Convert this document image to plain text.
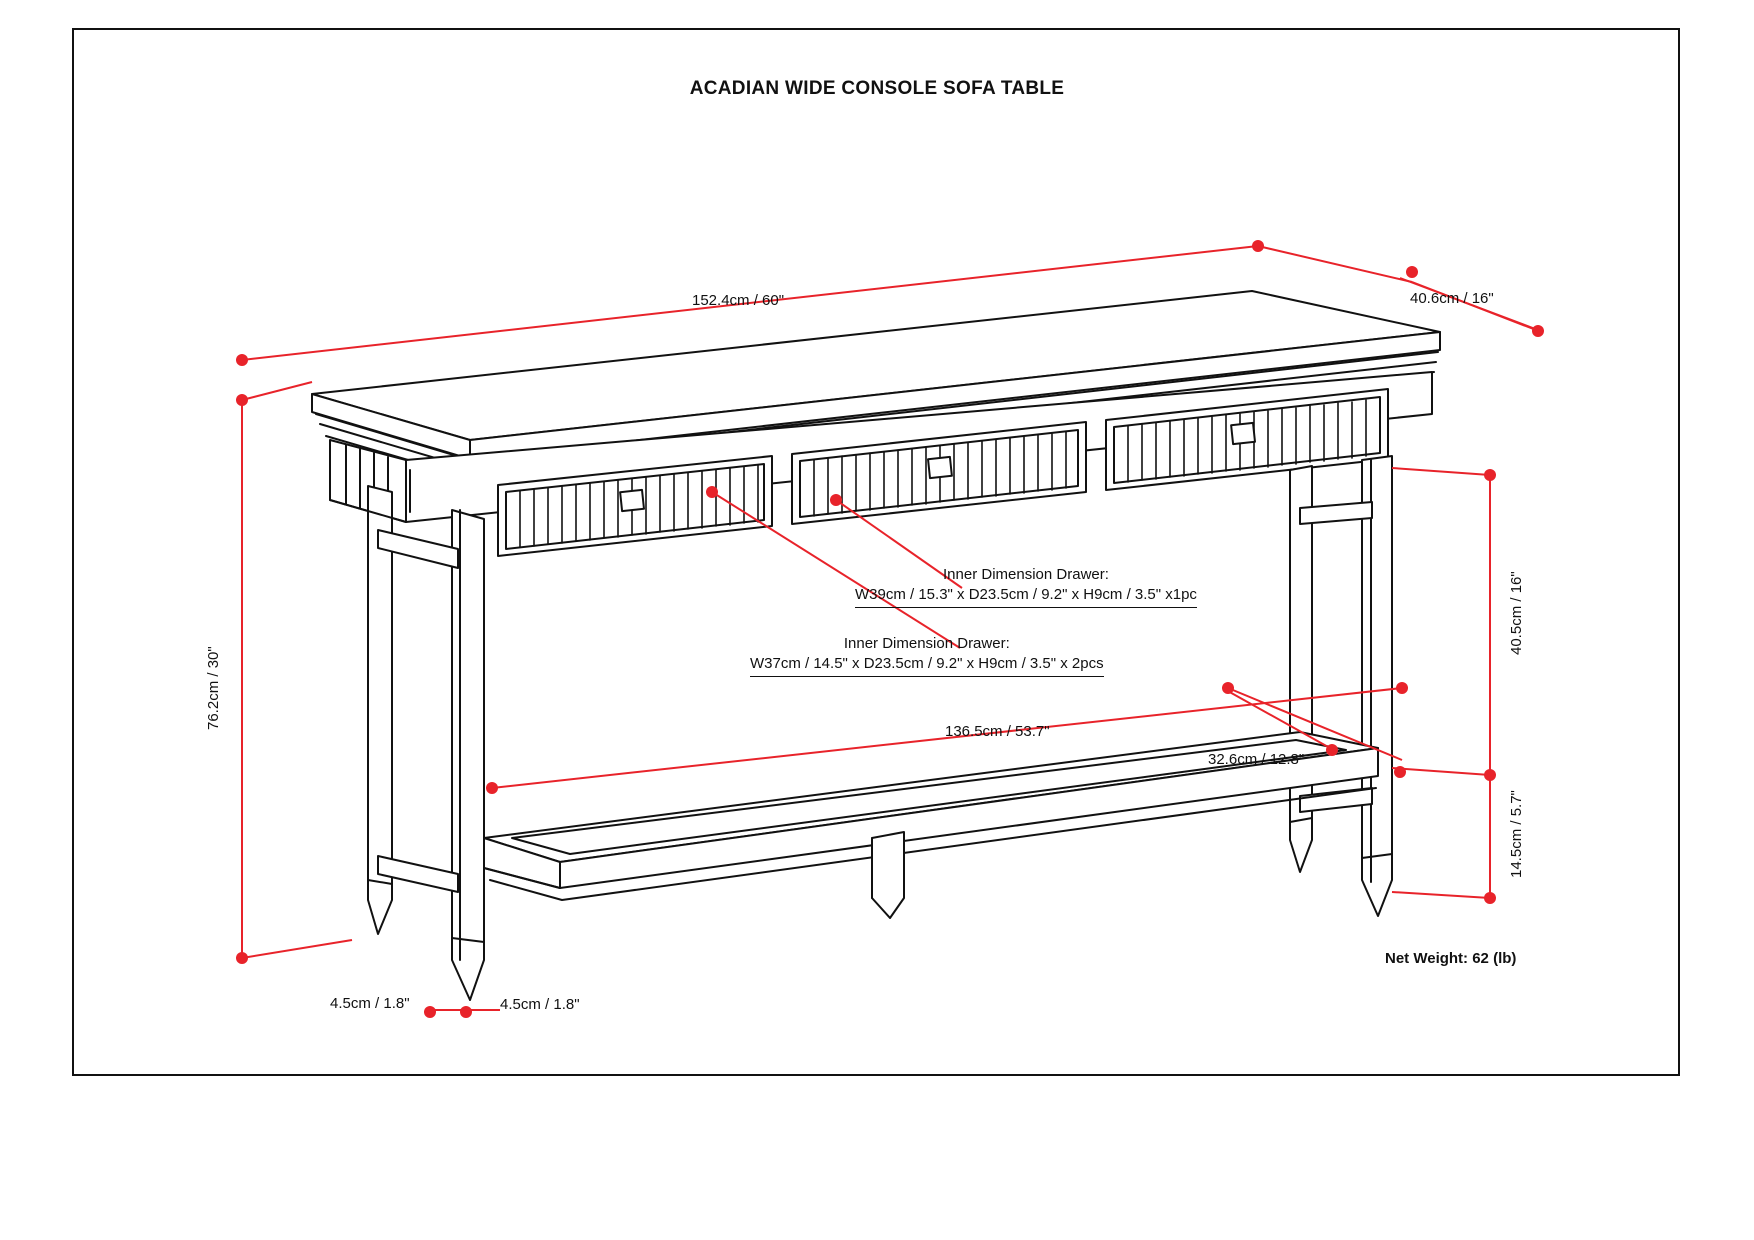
ACADIAN WIDE CONSOLE SOFA TABLE
152.4cm / 60"	40.6cm / 16"
76.2cm / 30"
40.5cm / 16"
136.5cm / 53.7"
32.6cm / 12.8"
14.5cm / 5.7"
4.5cm / 1.8"	4.5cm / 1.8"
Inner Dimension Drawer:
W39cm / 15.3" x D23.5cm / 9.2" x H9cm / 3.5" x1pc
Inner Dimension Drawer:
W37cm / 14.5" x D23.5cm / 9.2" x H9cm / 3.5" x 2pcs
Net Weight: 62 (lb)
